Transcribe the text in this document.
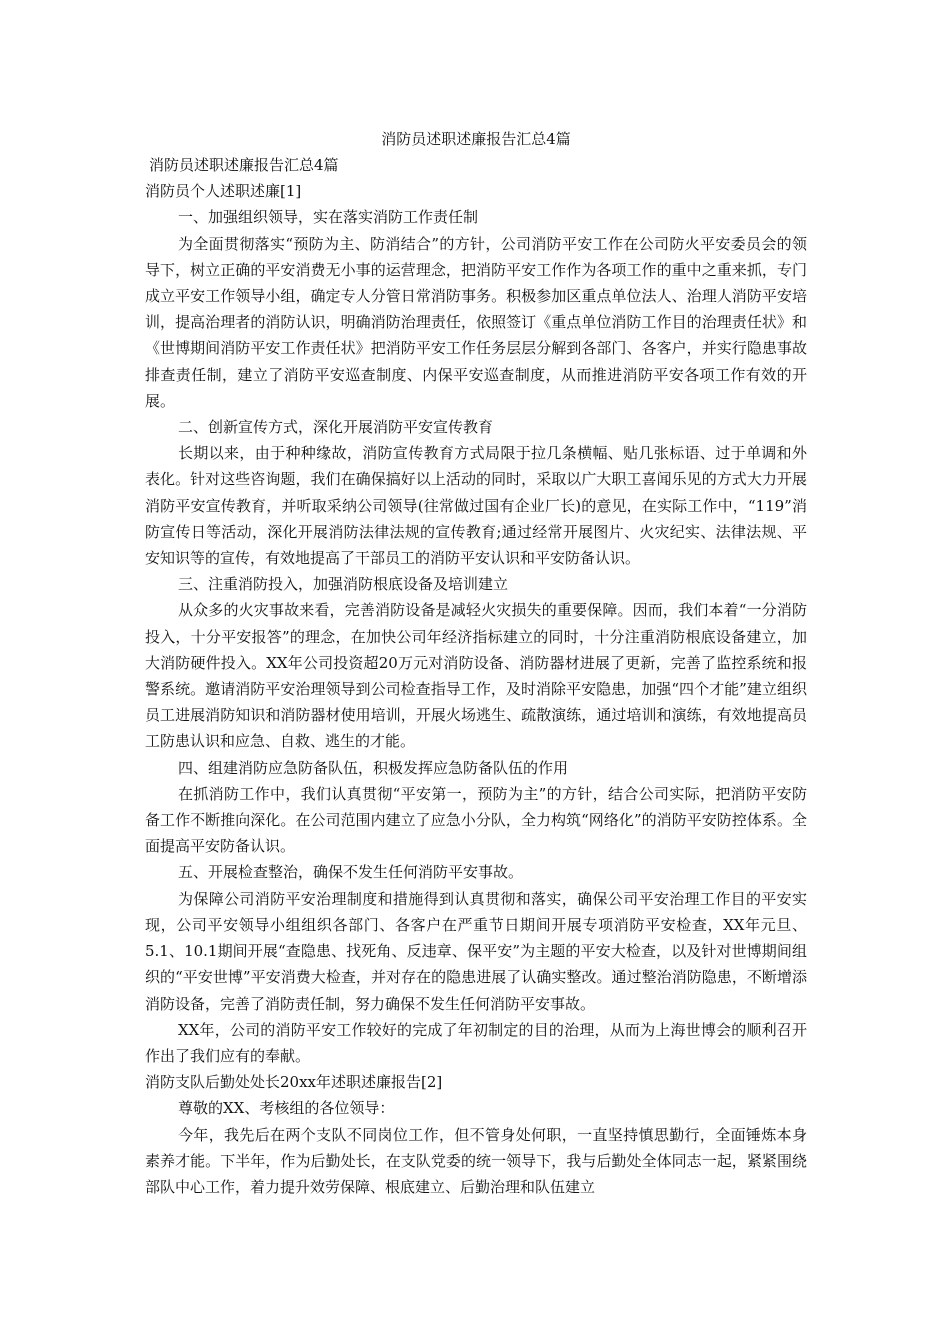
消防员述职述廉报告汇总4篇

消防员述职述廉报告汇总4篇

消防员个人述职述廉[1]

一、加强组织领导，实在落实消防工作责任制

为全面贯彻落实“预防为主、防消结合”的方针，公司消防平安工作在公司防火平安委员会的领导下，树立正确的平安消费无小事的运营理念，把消防平安工作作为各项工作的重中之重来抓，专门成立平安工作领导小组，确定专人分管日常消防事务。积极参加区重点单位法人、治理人消防平安培训，提高治理者的消防认识，明确消防治理责任，依照签订《重点单位消防工作目的治理责任状》和《世博期间消防平安工作责任状》把消防平安工作任务层层分解到各部门、各客户，并实行隐患事故排查责任制，建立了消防平安巡查制度、内保平安巡查制度，从而推进消防平安各项工作有效的开展。

二、创新宣传方式，深化开展消防平安宣传教育

长期以来，由于种种缘故，消防宣传教育方式局限于拉几条横幅、贴几张标语、过于单调和外表化。针对这些咨询题，我们在确保搞好以上活动的同时，采取以广大职工喜闻乐见的方式大力开展消防平安宣传教育，并听取采纳公司领导(往常做过国有企业厂长)的意见，在实际工作中，“119”消防宣传日等活动，深化开展消防法律法规的宣传教育;通过经常开展图片、火灾纪实、法律法规、平安知识等的宣传，有效地提高了干部员工的消防平安认识和平安防备认识。

三、注重消防投入，加强消防根底设备及培训建立

从众多的火灾事故来看，完善消防设备是减轻火灾损失的重要保障。因而，我们本着“一分消防投入，十分平安报答”的理念，在加快公司年经济指标建立的同时，十分注重消防根底设备建立，加大消防硬件投入。XX年公司投资超20万元对消防设备、消防器材进展了更新，完善了监控系统和报警系统。邀请消防平安治理领导到公司检查指导工作，及时消除平安隐患，加强“四个才能”建立组织员工进展消防知识和消防器材使用培训，开展火场逃生、疏散演练，通过培训和演练，有效地提高员工防患认识和应急、自救、逃生的才能。

四、组建消防应急防备队伍，积极发挥应急防备队伍的作用

在抓消防工作中，我们认真贯彻“平安第一，预防为主”的方针，结合公司实际，把消防平安防备工作不断推向深化。在公司范围内建立了应急小分队，全力构筑“网络化”的消防平安防控体系。全面提高平安防备认识。

五、开展检查整治，确保不发生任何消防平安事故。

为保障公司消防平安治理制度和措施得到认真贯彻和落实，确保公司平安治理工作目的平安实现，公司平安领导小组组织各部门、各客户在严重节日期间开展专项消防平安检查，XX年元旦、5.1、10.1期间开展“查隐患、找死角、反违章、保平安”为主题的平安大检查，以及针对世博期间组织的“平安世博”平安消费大检查，并对存在的隐患进展了认确实整改。通过整治消防隐患，不断增添消防设备，完善了消防责任制，努力确保不发生任何消防平安事故。

XX年，公司的消防平安工作较好的完成了年初制定的目的治理，从而为上海世博会的顺利召开作出了我们应有的奉献。

消防支队后勤处处长20xx年述职述廉报告[2]

尊敬的XX、考核组的各位领导：

今年，我先后在两个支队不同岗位工作，但不管身处何职，一直坚持慎思勤行，全面锤炼本身素养才能。下半年，作为后勤处长，在支队党委的统一领导下，我与后勤处全体同志一起，紧紧围绕部队中心工作，着力提升效劳保障、根底建立、后勤治理和队伍建立
